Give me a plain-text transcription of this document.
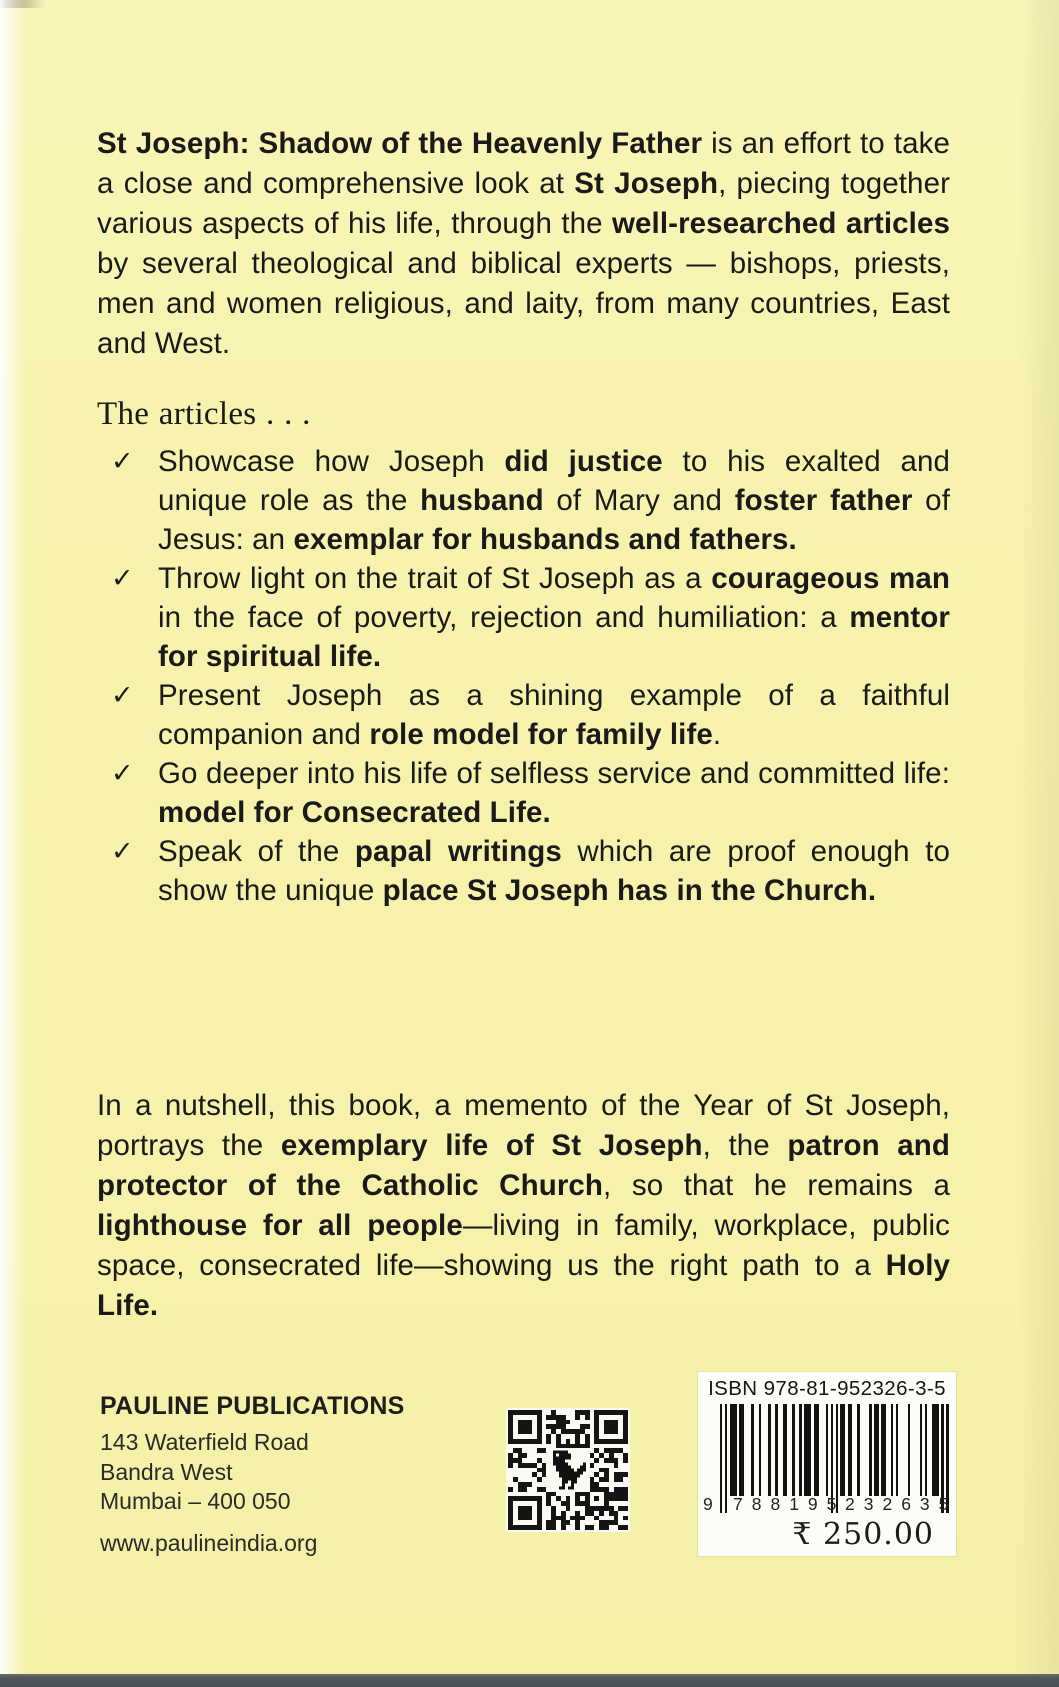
St Joseph: Shadow of the Heavenly Father is an effort to take a close and comprehensive look at St Joseph, piecing together various aspects of his life, through the well-researched articles by several theological and biblical experts — bishops, priests, men and women religious, and laity, from many countries, East and West.

The articles . . .
✓ Showcase how Joseph did justice to his exalted and unique role as the husband of Mary and foster father of Jesus: an exemplar for husbands and fathers.
✓ Throw light on the trait of St Joseph as a courageous man in the face of poverty, rejection and humiliation: a mentor for spiritual life.
✓ Present Joseph as a shining example of a faithful companion and role model for family life.
✓ Go deeper into his life of selfless service and committed life: model for Consecrated Life.
✓ Speak of the papal writings which are proof enough to show the unique place St Joseph has in the Church.

In a nutshell, this book, a memento of the Year of St Joseph, portrays the exemplary life of St Joseph, the patron and protector of the Catholic Church, so that he remains a lighthouse for all people—living in family, workplace, public space, consecrated life—showing us the right path to a Holy Life.

PAULINE PUBLICATIONS
143 Waterfield Road
Bandra West
Mumbai – 400 050
www.paulineindia.org
ISBN 978-81-952326-3-5
9 788195 232635
₹ 250.00
